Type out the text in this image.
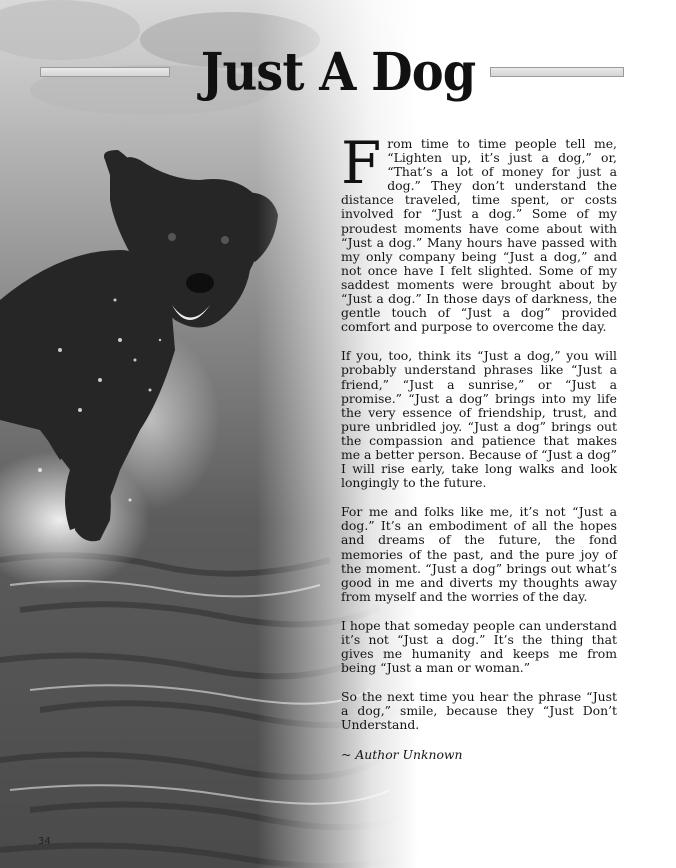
Just A Dog

From time to time people tell me, “Lighten up, it’s just a dog,” or, “That’s a lot of money for just a dog.” They don’t understand the distance traveled, time spent, or costs involved for “Just a dog.” Some of my proudest moments have come about with “Just a dog.” Many hours have passed with my only company being “Just a dog,” and not once have I felt slighted. Some of my saddest moments were brought about by “Just a dog.” In those days of darkness, the gentle touch of “Just a dog” provided comfort and purpose to overcome the day.

If you, too, think its “Just a dog,” you will probably understand phrases like “Just a friend,” “Just a sunrise,” or “Just a promise.” “Just a dog” brings into my life the very essence of friendship, trust, and pure unbridled joy. “Just a dog” brings out the compassion and patience that makes me a better person. Because of “Just a dog” I will rise early, take long walks and look longingly to the future.

For me and folks like me, it’s not “Just a dog.” It’s an embodiment of all the hopes and dreams of the future, the fond memories of the past, and the pure joy of the moment. “Just a dog” brings out what’s good in me and diverts my thoughts away from myself and the worries of the day.

I hope that someday people can understand it’s not “Just a dog.” It’s the thing that gives me humanity and keeps me from being “Just a man or woman.”

So the next time you hear the phrase “Just a dog,” smile, because they “Just Don’t Understand.

~ Author Unknown

34
